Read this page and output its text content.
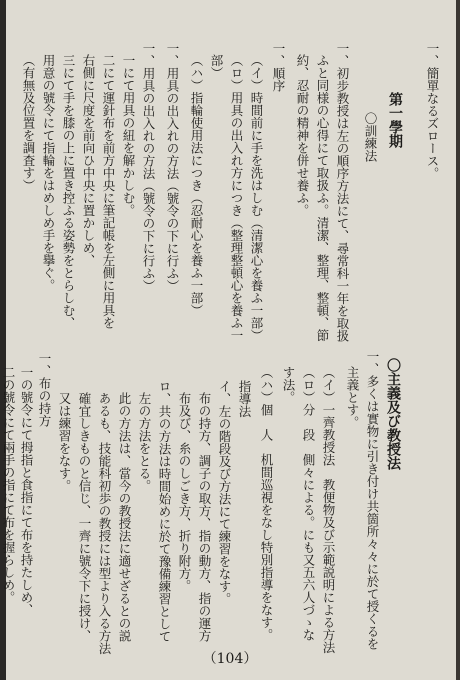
一、簡單なるズロース。
第一學期
〇訓練法
一、初步教授は左の順序方法にて、尋常科一年を取扱
ふと同様の心得にて取扱ふ。清潔、整理、整頓、節
約、忍耐の精神を併せ養ふ。
一、順序
（イ）時間前に手を洗はしむ（清潔心を養ふ一部）
（ロ）用具の出入れ方につき（整理整頓心を養ふ一
部）
（ハ）指輪使用法につき（忍耐心を養ふ一部）
一、用具の出入れの方法（號令の下に行ふ）
一、用具の出入れの方法（號令の下に行ふ）
一にて用具の紐を解かしむ。
二にて運針布を前方中央に筆記帳を左側に用具を
右側に尺度を前向ひ中央に置かしめ、
三にて手を膝の上に置き控ふる姿勢をとらしむ、
用意の號令にて指輪をはめしめ手を擧ぐ。
（有無及位置を調査す）
〇主義及び教授法
一、多くは實物に引き付け共箇所々々に於て授くるを
主義とす。
（イ）一齊教授法　教便物及び示範説明による方法
（ロ）分　段　側々による。にも又五六人づゝな
す法。
（ハ）個　人　机間巡視をなし特別指導をなす。
指導法
イ、左の階段及び方法にて練習をなす。
布の持方、調子の取方、指の動方、指の運方
布及び、糸のしごき方、折り附方。
ロ、共の方法は時間始めに於て豫備練習として
左の方法をとる。
此の方法は、當今の教授法に適せざるとの説
あるも、技能科初歩の教授には型より入る方法
確宜しきものと信じ、一齊に號令下に授け、
又は練習をなす。
一、布の持方
一の號令にて拇指と食指にて布を持たしめ、
二の號令にて兩手の指にて布を握らしめ。
（104）
